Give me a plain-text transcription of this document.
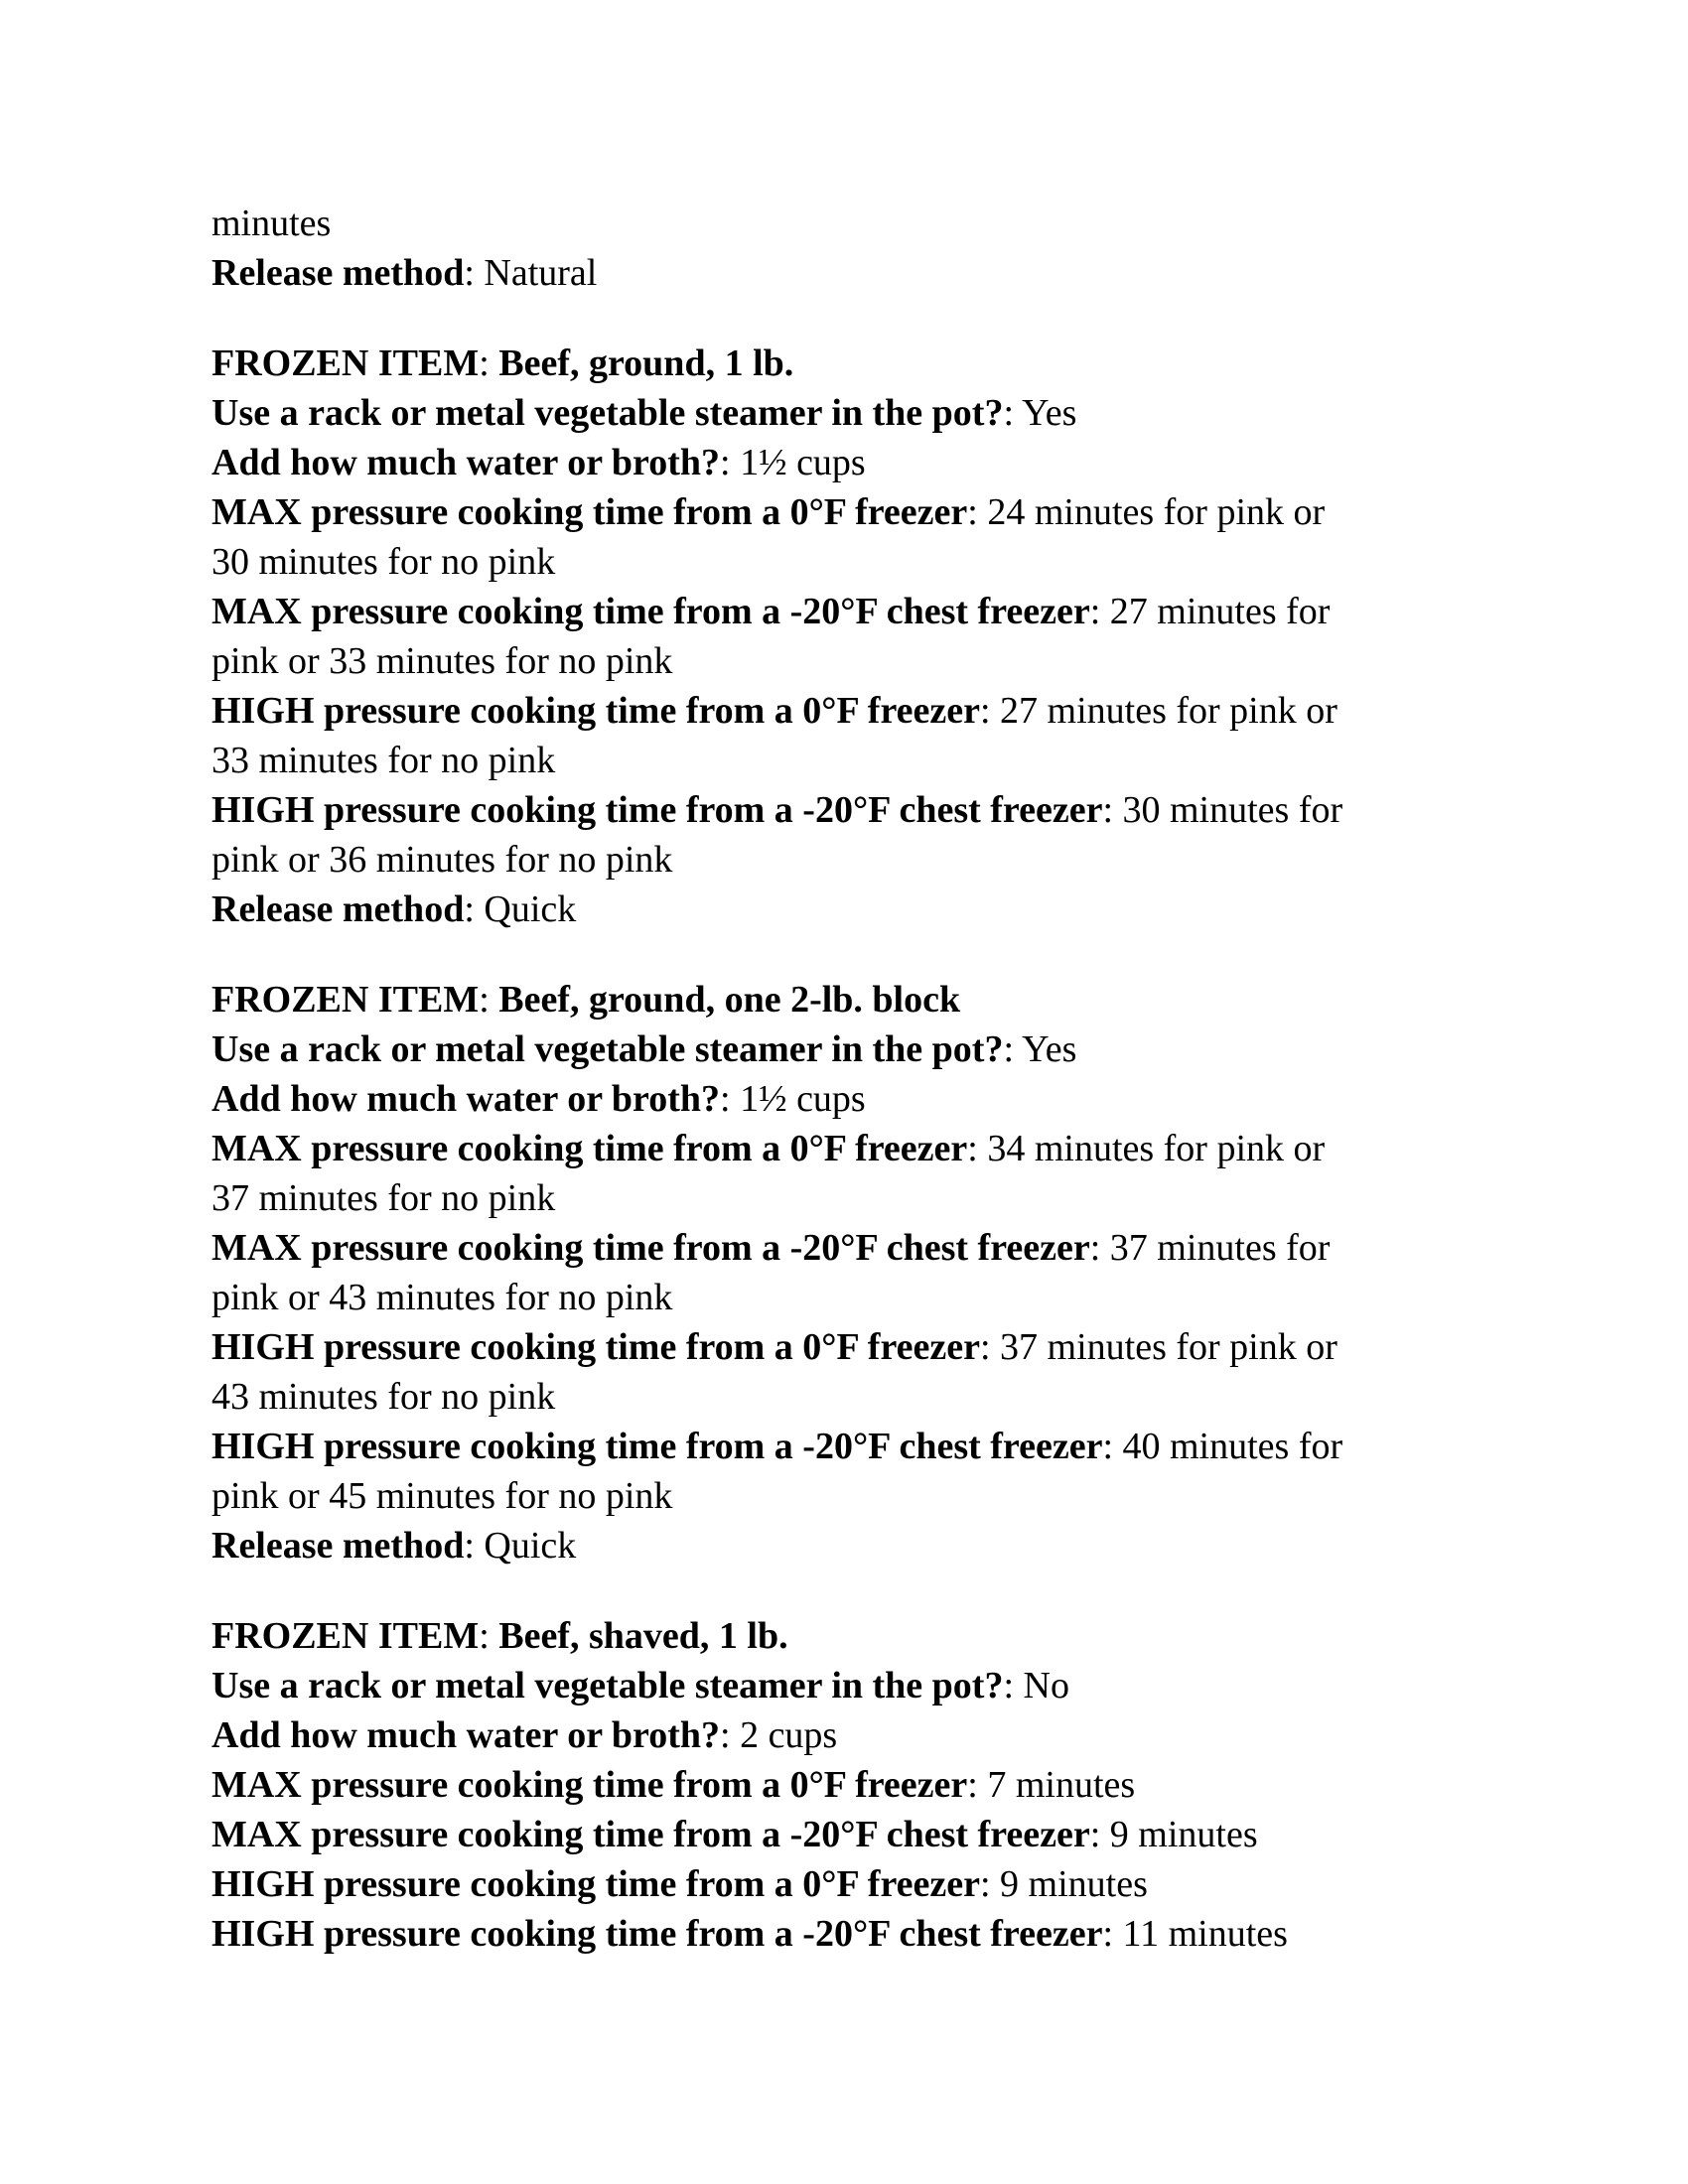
minutes

Release method: Natural

FROZEN ITEM: Beef, ground, 1 lb.

Use a rack or metal vegetable steamer in the pot?: Yes

Add how much water or broth?: 1½ cups

MAX pressure cooking time from a 0°F freezer: 24 minutes for pink or

30 minutes for no pink

MAX pressure cooking time from a -20°F chest freezer: 27 minutes for

pink or 33 minutes for no pink

HIGH pressure cooking time from a 0°F freezer: 27 minutes for pink or

33 minutes for no pink

HIGH pressure cooking time from a -20°F chest freezer: 30 minutes for

pink or 36 minutes for no pink

Release method: Quick

FROZEN ITEM: Beef, ground, one 2-lb. block

Use a rack or metal vegetable steamer in the pot?: Yes

Add how much water or broth?: 1½ cups

MAX pressure cooking time from a 0°F freezer: 34 minutes for pink or

37 minutes for no pink

MAX pressure cooking time from a -20°F chest freezer: 37 minutes for

pink or 43 minutes for no pink

HIGH pressure cooking time from a 0°F freezer: 37 minutes for pink or

43 minutes for no pink

HIGH pressure cooking time from a -20°F chest freezer: 40 minutes for

pink or 45 minutes for no pink

Release method: Quick

FROZEN ITEM: Beef, shaved, 1 lb.

Use a rack or metal vegetable steamer in the pot?: No

Add how much water or broth?: 2 cups

MAX pressure cooking time from a 0°F freezer: 7 minutes

MAX pressure cooking time from a -20°F chest freezer: 9 minutes

HIGH pressure cooking time from a 0°F freezer: 9 minutes

HIGH pressure cooking time from a -20°F chest freezer: 11 minutes
